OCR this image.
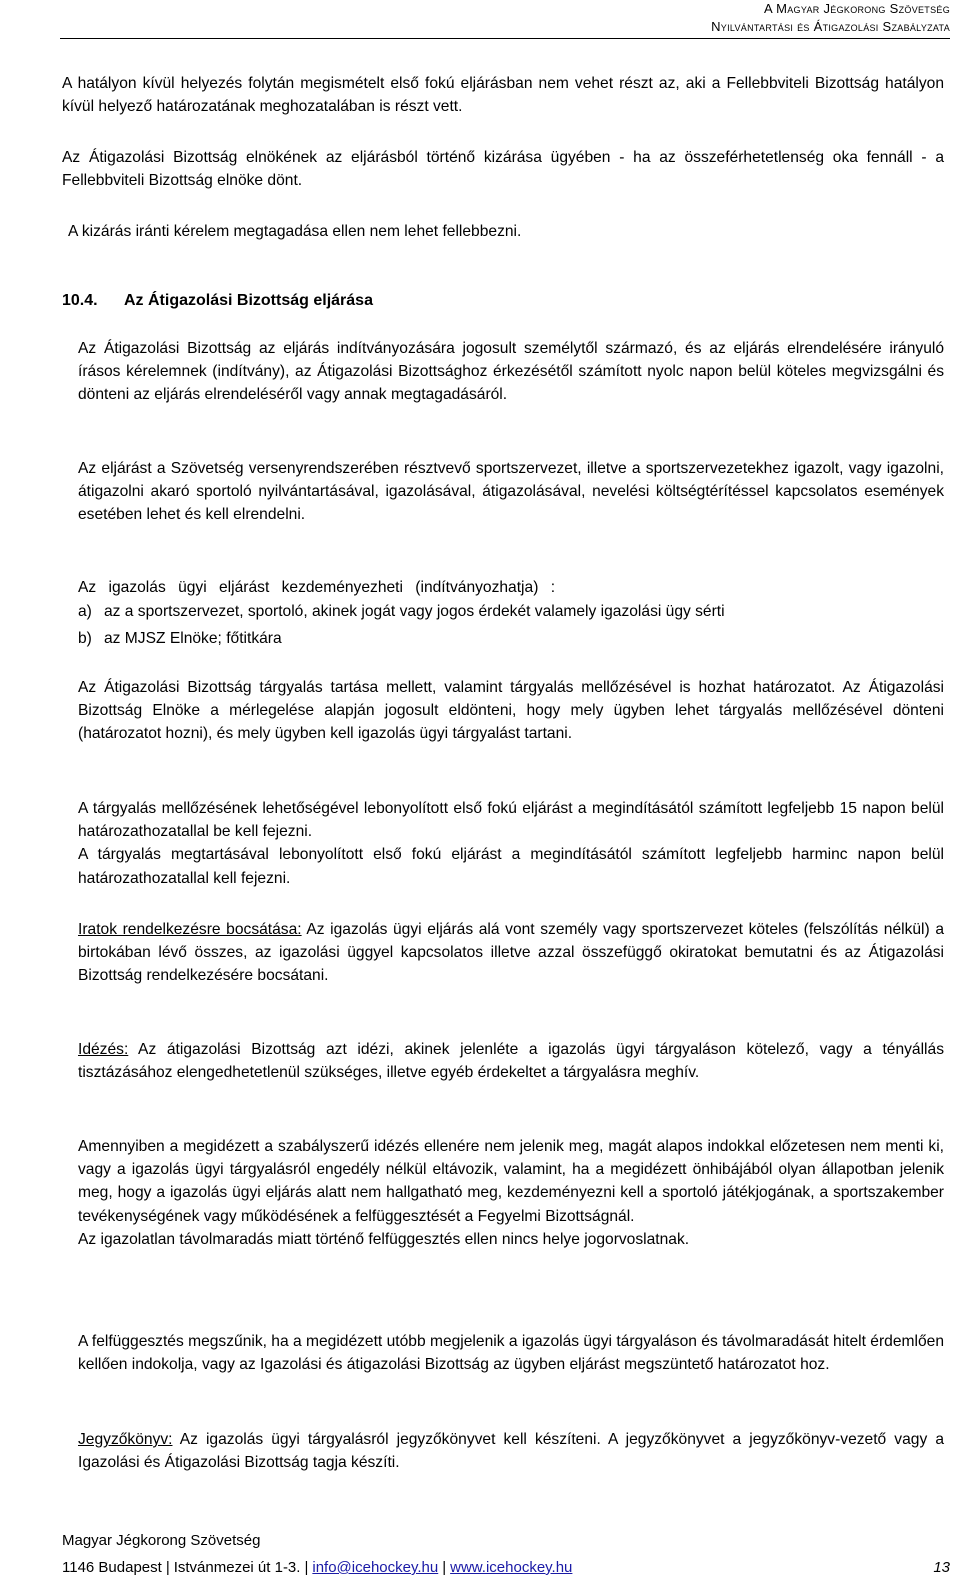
A Magyar Jégkorong Szövetség
Nyilvántartási és Átigazolási Szabályzata
A hatályon kívül helyezés folytán megismételt első fokú eljárásban nem vehet részt az, aki a Fellebbviteli Bizottság hatályon kívül helyező határozatának meghozatalában is részt vett.
Az Átigazolási Bizottság elnökének az eljárásból történő kizárása ügyében - ha az összeférhetetlenség oka fennáll - a Fellebbviteli Bizottság elnöke dönt.
A kizárás iránti kérelem megtagadása ellen nem lehet fellebbezni.
10.4. Az Átigazolási Bizottság eljárása
Az Átigazolási Bizottság az eljárás indítványozására jogosult személytől származó, és az eljárás elrendelésére irányuló írásos kérelemnek (indítvány), az Átigazolási Bizottsághoz érkezésétől számított nyolc napon belül köteles megvizsgálni és dönteni az eljárás elrendeléséről vagy annak megtagadásáról.
Az eljárást a Szövetség versenyrendszerében résztvevő sportszervezet, illetve a sportszervezetekhez igazolt, vagy igazolni, átigazolni akaró sportoló nyilvántartásával, igazolásával, átigazolásával, nevelési költségtérítéssel kapcsolatos események esetében lehet és kell elrendelni.
Az igazolás ügyi eljárást kezdeményezheti (indítványozhatja) :
a) az a sportszervezet, sportoló, akinek jogát vagy jogos érdekét valamely igazolási ügy sérti
b) az MJSZ Elnöke; főtitkára
Az Átigazolási Bizottság tárgyalás tartása mellett, valamint tárgyalás mellőzésével is hozhat határozatot. Az Átigazolási Bizottság Elnöke a mérlegelése alapján jogosult eldönteni, hogy mely ügyben lehet tárgyalás mellőzésével dönteni (határozatot hozni), és mely ügyben kell igazolás ügyi tárgyalást tartani.

A tárgyalás mellőzésének lehetőségével lebonyolított első fokú eljárást a megindításától számított legfeljebb 15 napon belül határozathozatallal be kell fejezni.

A tárgyalás megtartásával lebonyolított első fokú eljárást a megindításától számított legfeljebb harminc napon belül határozathozatallal kell fejezni.

Iratok rendelkezésre bocsátása: Az igazolás ügyi eljárás alá vont személy vagy sportszervezet köteles (felszólítás nélkül) a birtokában lévő összes, az igazolási üggyel kapcsolatos illetve azzal összefüggő okiratokat bemutatni és az Átigazolási Bizottság rendelkezésére bocsátani.
Idézés: Az átigazolási Bizottság azt idézi, akinek jelenléte a igazolás ügyi tárgyaláson kötelező, vagy a tényállás tisztázásához elengedhetetlenül szükséges, illetve egyéb érdekeltet a tárgyalásra meghív.

Amennyiben a megidézett a szabályszerű idézés ellenére nem jelenik meg, magát alapos indokkal előzetesen nem menti ki, vagy a igazolás ügyi tárgyalásról engedély nélkül eltávozik, valamint, ha a megidézett önhibájából olyan állapotban jelenik meg, hogy a igazolás ügyi eljárás alatt nem hallgatható meg, kezdeményezni kell a sportoló játékjogának, a sportszakember tevékenységének vagy működésének a felfüggesztését a Fegyelmi Bizottságnál.

Az igazolatlan távolmaradás miatt történő felfüggesztés ellen nincs helye jogorvoslatnak.

A felfüggesztés megszűnik, ha a megidézett utóbb megjelenik a igazolás ügyi tárgyaláson és távolmaradását hitelt érdemlően kellően indokolja, vagy az Igazolási és átigazolási Bizottság az ügyben eljárást megszüntető határozatot hoz.
Jegyzőkönyv: Az igazolás ügyi tárgyalásról jegyzőkönyvet kell készíteni. A jegyzőkönyvet a jegyzőkönyv-vezető vagy a Igazolási és Átigazolási Bizottság tagja készíti.
Magyar Jégkorong Szövetség
1146 Budapest | Istvánmezei út 1-3. | info@icehockey.hu | www.icehockey.hu	13
